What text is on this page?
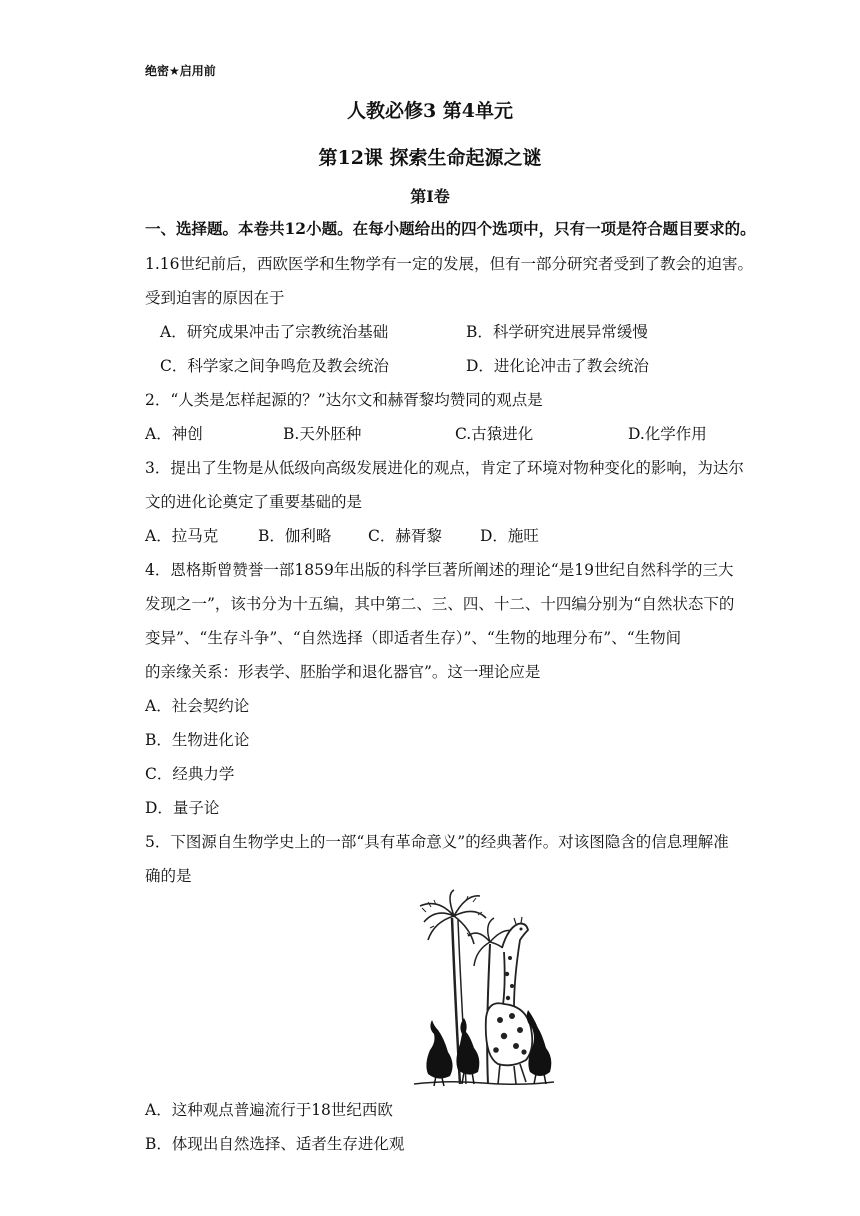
绝密★启用前
人教必修3 第4单元
第12课 探索生命起源之谜
第Ⅰ卷
一、选择题。本卷共12小题。在每小题给出的四个选项中，只有一项是符合题目要求的。
1.16世纪前后，西欧医学和生物学有一定的发展，但有一部分研究者受到了教会的迫害。
受到迫害的原因在于
A．研究成果冲击了宗教统治基础	B．科学研究进展异常缓慢
C．科学家之间争鸣危及教会统治	D．进化论冲击了教会统治
2．“人类是怎样起源的？”达尔文和赫胥黎均赞同的观点是
A．神创	B.天外胚种	C.古猿进化	D.化学作用
3．提出了生物是从低级向高级发展进化的观点，肯定了环境对物种变化的影响，为达尔
文的进化论奠定了重要基础的是
A．拉马克	B．伽利略 C．赫胥黎 D．施旺
4．恩格斯曾赞誉一部1859年出版的科学巨著所阐述的理论“是19世纪自然科学的三大
发现之一”，该书分为十五编，其中第二、三、四、十二、十四编分别为“自然状态下的
变异”、“生存斗争”、“自然选择（即适者生存）”、“生物的地理分布”、“生物间
的亲缘关系：形表学、胚胎学和退化器官”。这一理论应是
A．社会契约论
B．生物进化论
C．经典力学
D．量子论
5．下图源自生物学史上的一部“具有革命意义”的经典著作。对该图隐含的信息理解准
确的是
A．这种观点普遍流行于18世纪西欧
B．体现出自然选择、适者生存进化观
